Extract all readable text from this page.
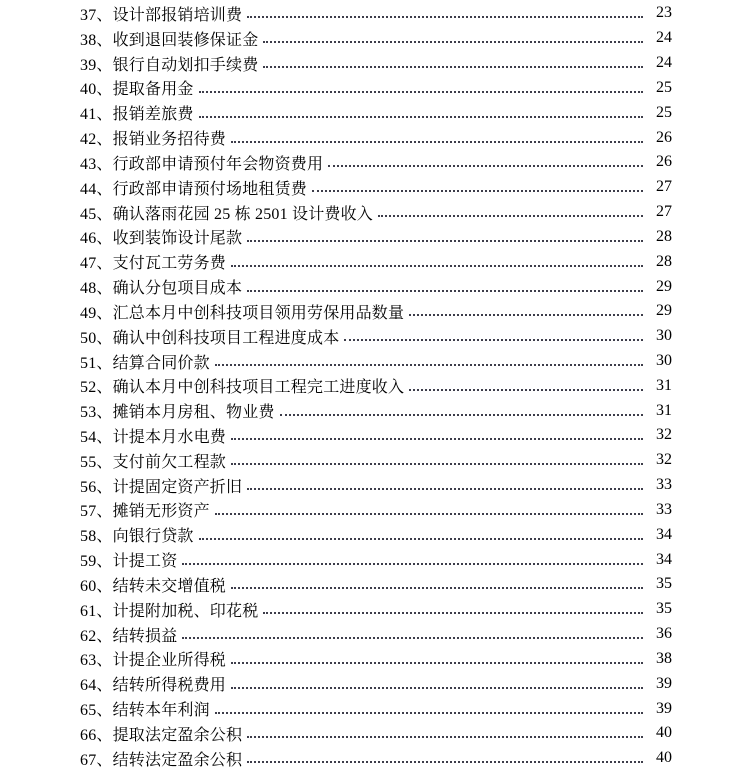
37、设计部报销培训费	23
38、收到退回装修保证金	24
39、银行自动划扣手续费	24
40、提取备用金	25
41、报销差旅费	25
42、报销业务招待费	26
43、行政部申请预付年会物资费用	26
44、行政部申请预付场地租赁费	27
45、确认落雨花园 25 栋 2501 设计费收入	27
46、收到装饰设计尾款	28
47、支付瓦工劳务费	28
48、确认分包项目成本	29
49、汇总本月中创科技项目领用劳保用品数量	29
50、确认中创科技项目工程进度成本	30
51、结算合同价款	30
52、确认本月中创科技项目工程完工进度收入	31
53、摊销本月房租、物业费	31
54、计提本月水电费	32
55、支付前欠工程款	32
56、计提固定资产折旧	33
57、摊销无形资产	33
58、向银行贷款	34
59、计提工资	34
60、结转未交增值税	35
61、计提附加税、印花税	35
62、结转损益	36
63、计提企业所得税	38
64、结转所得税费用	39
65、结转本年利润	39
66、提取法定盈余公积	40
67、结转法定盈余公积	40
